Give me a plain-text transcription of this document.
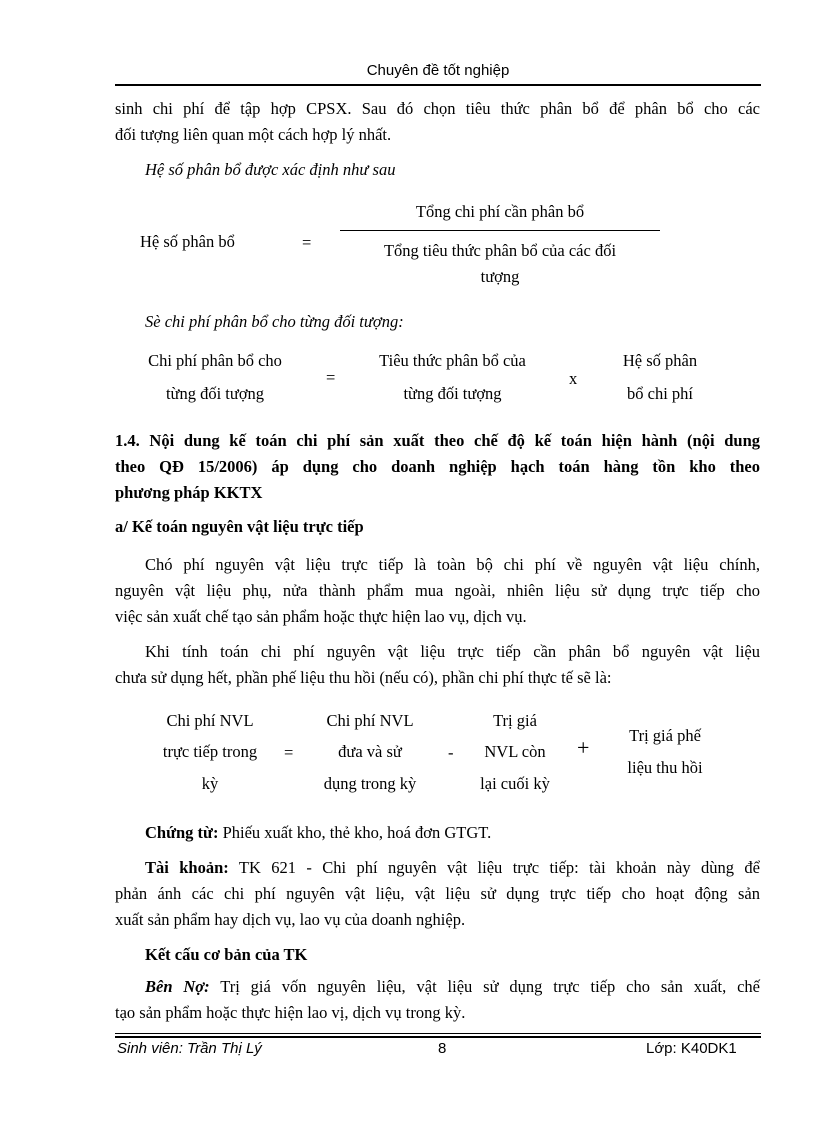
Chuyên đề tốt nghiệp
sinh chi phí để tập hợp CPSX. Sau đó chọn tiêu thức phân bổ để phân bổ cho các
đối tượng liên quan một cách hợp lý nhất.
Hệ số phân bổ được xác định như sau
Hệ số phân bổ	=
Tổng chi phí cần phân bổ
Tổng tiêu thức phân bổ của các đối
tượng
Sè chi phí phân bổ cho từng đối tượng:
Chi phí phân bổ cho
từng đối tượng
=
Tiêu thức phân bổ của
từng đối tượng
x
Hệ số phân
bổ chi phí
1.4. Nội dung kế toán chi phí sản xuất theo chế độ kế toán hiện hành (nội dung
theo QĐ 15/2006) áp dụng cho doanh nghiệp hạch toán hàng tồn kho theo
phương pháp KKTX
a/ Kế toán nguyên vật liệu trực tiếp
Chó phí nguyên vật liệu trực tiếp là toàn bộ chi phí về nguyên vật liệu chính,
nguyên vật liệu phụ, nửa thành phẩm mua ngoài, nhiên liệu sử dụng trực tiếp cho
việc sản xuất chế tạo sản phẩm hoặc thực hiện lao vụ, dịch vụ.
Khi tính toán chi phí nguyên vật liệu trực tiếp cần phân bổ nguyên vật liệu
chưa sử dụng hết, phần phế liệu thu hồi (nếu có), phần chi phí thực tế sẽ là:
Chi phí NVL
trực tiếp trong
kỳ
=
Chi phí NVL
đưa và sử
dụng trong kỳ
-
Trị giá
NVL còn
lại cuối kỳ
+	Trị giá phế
liệu thu hồi
Chứng từ: Phiếu xuất kho, thẻ kho, hoá đơn GTGT.
Tài khoản: TK 621 - Chi phí nguyên vật liệu trực tiếp: tài khoản này dùng để
phản ánh các chi phí nguyên vật liệu, vật liệu sử dụng trực tiếp cho hoạt động sản
xuất sản phẩm hay dịch vụ, lao vụ của doanh nghiệp.
Kết cấu cơ bản của TK
Bên Nợ: Trị giá vốn nguyên liệu, vật liệu sử dụng trực tiếp cho sản xuất, chế
tạo sản phẩm hoặc thực hiện lao vị, dịch vụ trong kỳ.
Sinh viên: Trần Thị Lý	8	Lớp: K40DK1
